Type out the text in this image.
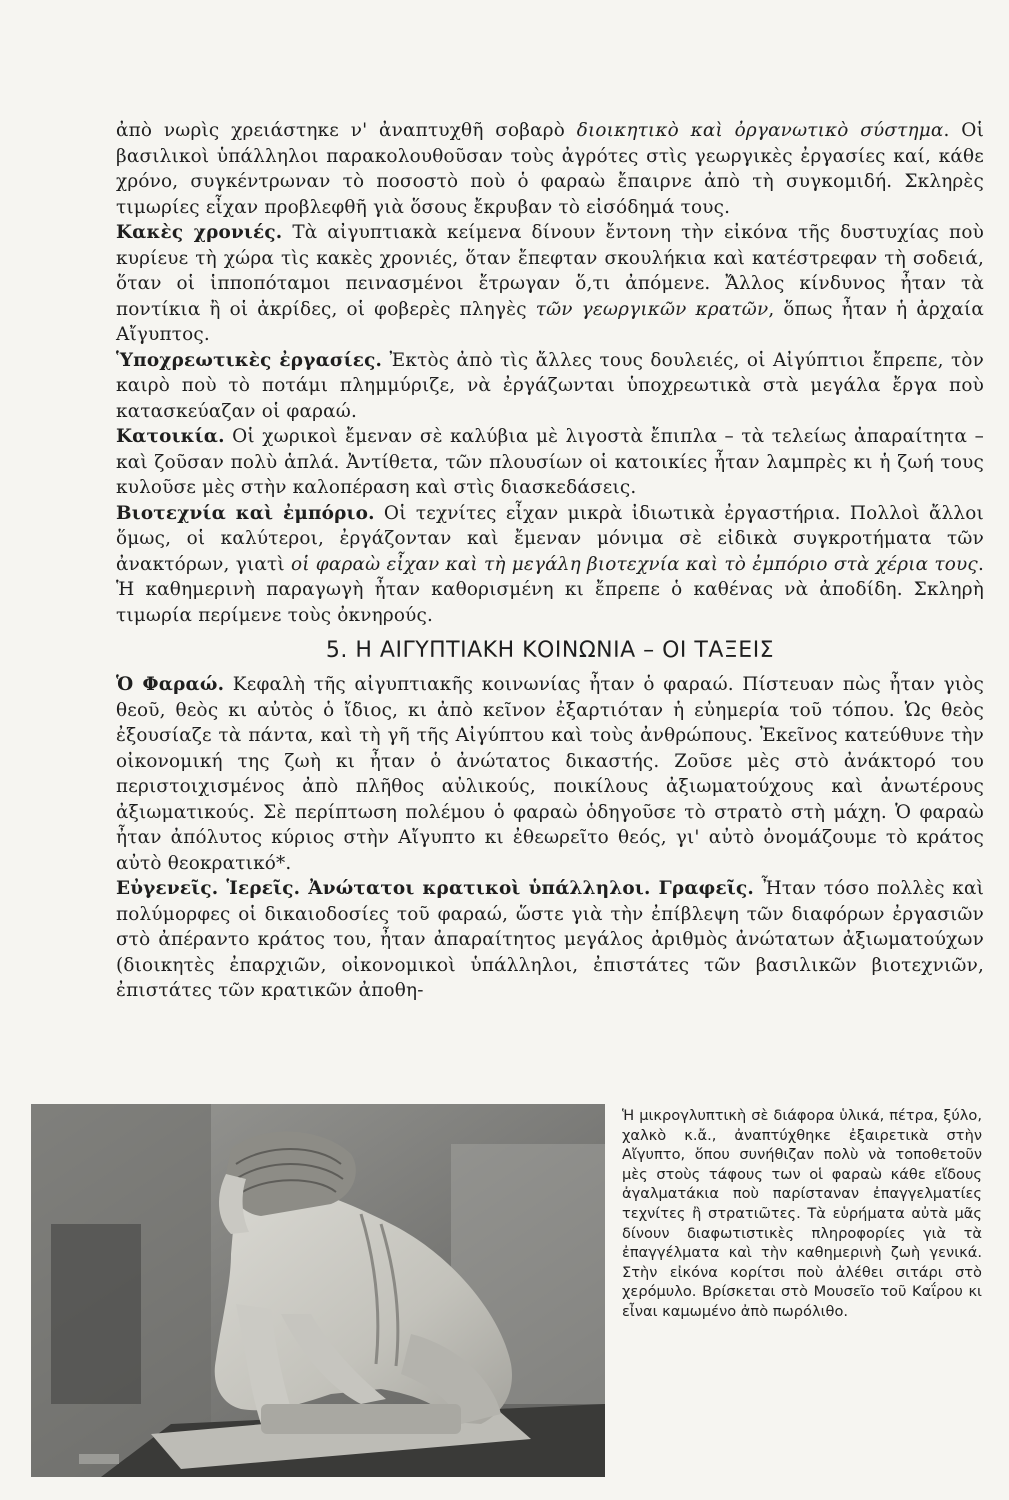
ἀπὸ νωρὶς χρειάστηκε ν' ἀναπτυχθῆ σοβαρὸ διοικητικὸ καὶ ὀργανωτικὸ σύστημα. Οἱ βασιλικοὶ ὑπάλληλοι παρακολουθοῦσαν τοὺς ἀγρότες στὶς γεωργικὲς ἐργασίες καί, κάθε χρόνο, συγκέντρωναν τὸ ποσοστὸ ποὺ ὁ φαραὼ ἔπαιρνε ἀπὸ τὴ συγκομιδή. Σκληρὲς τιμωρίες εἶχαν προβλεφθῆ γιὰ ὅσους ἔκρυβαν τὸ εἰσόδημά τους.

Κακὲς χρονιές. Τὰ αἰγυπτιακὰ κείμενα δίνουν ἔντονη τὴν εἰκόνα τῆς δυστυχίας ποὺ κυρίευε τὴ χώρα τὶς κακὲς χρονιές, ὅταν ἔπεφταν σκουλήκια καὶ κατέστρεφαν τὴ σοδειά, ὅταν οἱ ἱπποπόταμοι πεινασμένοι ἔτρωγαν ὅ,τι ἀπόμενε. Ἄλλος κίνδυνος ἦταν τὰ ποντίκια ἢ οἱ ἀκρίδες, οἱ φοβερὲς πληγὲς τῶν γεωργικῶν κρατῶν, ὅπως ἦταν ἡ ἀρχαία Αἴγυπτος.

Ὑποχρεωτικὲς ἐργασίες. Ἐκτὸς ἀπὸ τὶς ἄλλες τους δουλειές, οἱ Αἰγύπτιοι ἔπρεπε, τὸν καιρὸ ποὺ τὸ ποτάμι πλημμύριζε, νὰ ἐργάζωνται ὑποχρεωτικὰ στὰ μεγάλα ἔργα ποὺ κατασκεύαζαν οἱ φαραώ.

Κατοικία. Οἱ χωρικοὶ ἔμεναν σὲ καλύβια μὲ λιγοστὰ ἔπιπλα – τὰ τελείως ἀπαραίτητα – καὶ ζοῦσαν πολὺ ἁπλά. Ἀντίθετα, τῶν πλουσίων οἱ κατοικίες ἦταν λαμπρὲς κι ἡ ζωή τους κυλοῦσε μὲς στὴν καλοπέραση καὶ στὶς διασκεδάσεις.

Βιοτεχνία καὶ ἐμπόριο. Οἱ τεχνίτες εἶχαν μικρὰ ἰδιωτικὰ ἐργαστήρια. Πολλοὶ ἄλλοι ὅμως, οἱ καλύτεροι, ἐργάζονταν καὶ ἔμεναν μόνιμα σὲ εἰδικὰ συγκροτήματα τῶν ἀνακτόρων, γιατὶ οἱ φαραὼ εἶχαν καὶ τὴ μεγάλη βιοτεχνία καὶ τὸ ἐμπόριο στὰ χέρια τους. Ἡ καθημερινὴ παραγωγὴ ἦταν καθορισμένη κι ἔπρεπε ὁ καθένας νὰ ἀποδίδη. Σκληρὴ τιμωρία περίμενε τοὺς ὀκνηρούς.

5. Η ΑΙΓΥΠΤΙΑΚΗ ΚΟΙΝΩΝΙΑ – ΟΙ ΤΑΞΕΙΣ

Ὁ Φαραώ. Κεφαλὴ τῆς αἰγυπτιακῆς κοινωνίας ἦταν ὁ φαραώ. Πίστευαν πὼς ἦταν γιὸς θεοῦ, θεὸς κι αὐτὸς ὁ ἴδιος, κι ἀπὸ κεῖνον ἐξαρτιόταν ἡ εὐημερία τοῦ τόπου. Ὡς θεὸς ἐξουσίαζε τὰ πάντα, καὶ τὴ γῆ τῆς Αἰγύπτου καὶ τοὺς ἀνθρώπους. Ἐκεῖνος κατεύθυνε τὴν οἰκονομική της ζωὴ κι ἦταν ὁ ἀνώτατος δικαστής. Ζοῦσε μὲς στὸ ἀνάκτορό του περιστοιχισμένος ἀπὸ πλῆθος αὐλικούς, ποικίλους ἀξιωματούχους καὶ ἀνωτέρους ἀξιωματικούς. Σὲ περίπτωση πολέμου ὁ φαραὼ ὁδηγοῦσε τὸ στρατὸ στὴ μάχη. Ὁ φαραὼ ἦταν ἀπόλυτος κύριος στὴν Αἴγυπτο κι ἐθεωρεῖτο θεός, γι' αὐτὸ ὀνομάζουμε τὸ κράτος αὐτὸ θεοκρατικό*.

Εὐγενεῖς. Ἱερεῖς. Ἀνώτατοι κρατικοὶ ὑπάλληλοι. Γραφεῖς. Ἦταν τόσο πολλὲς καὶ πολύμορφες οἱ δικαιοδοσίες τοῦ φαραώ, ὥστε γιὰ τὴν ἐπίβλεψη τῶν διαφόρων ἐργασιῶν στὸ ἀπέραντο κράτος του, ἦταν ἀπαραίτητος μεγάλος ἀριθμὸς ἀνώτατων ἀξιωματούχων (διοικητὲς ἐπαρχιῶν, οἰκονομικοὶ ὑπάλληλοι, ἐπιστάτες τῶν βασιλικῶν βιοτεχνιῶν, ἐπιστάτες τῶν κρατικῶν ἀποθη-

Ἡ μικρογλυπτικὴ σὲ διάφορα ὑλικά, πέτρα, ξύλο, χαλκὸ κ.ἄ., ἀναπτύχθηκε ἐξαιρετικὰ στὴν Αἴγυπτο, ὅπου συνήθιζαν πολὺ νὰ τοποθετοῦν μὲς στοὺς τάφους των οἱ φαραὼ κάθε εἴδους ἀγαλματάκια ποὺ παρίσταναν ἐπαγγελματίες τεχνίτες ἢ στρατιῶτες. Τὰ εὑρήματα αὐτὰ μᾶς δίνουν διαφωτιστικὲς πληροφορίες γιὰ τὰ ἐπαγγέλματα καὶ τὴν καθημερινὴ ζωὴ γενικά. Στὴν εἰκόνα κορίτσι ποὺ ἀλέθει σιτάρι στὸ χερόμυλο. Βρίσκεται στὸ Μουσεῖο τοῦ Καΐρου κι εἶναι καμωμένο ἀπὸ πωρόλιθο.
